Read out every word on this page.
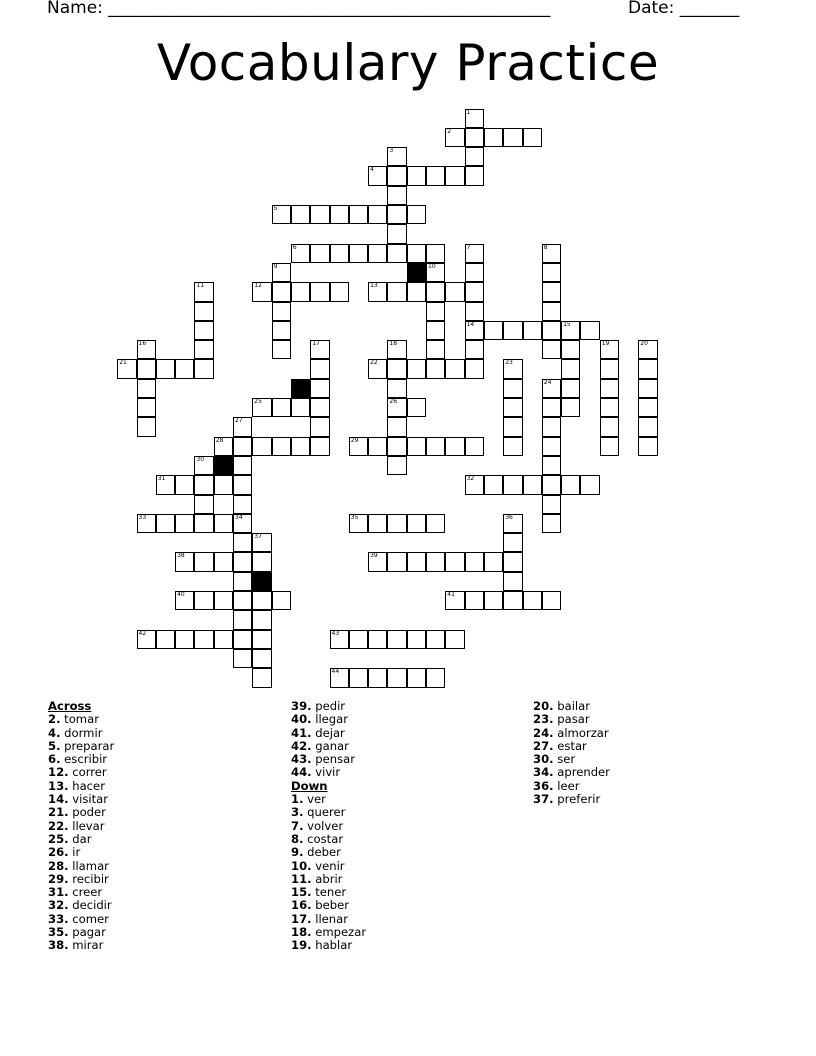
Name: ____________________________________________________	Date: _______
Vocabulary Practice
1
2
3
4
5
6	7
14
8
9	10
11	12	13
15
16	17	18
26
19	20
21	22	23
24
25
27
28	29
30
31	32
33	34	35	36
37
38	39
40	41
42	43
44
Across
2. tomar
4. dormir
5. preparar
6. escribir
12. correr
13. hacer
14. visitar
21. poder
22. llevar
25. dar
26. ir
28. llamar
29. recibir
31. creer
32. decidir
33. comer
35. pagar
38. mirar
39. pedir
40. llegar
41. dejar
42. ganar
43. pensar
44. vivir
Down
1. ver
3. querer
7. volver
8. costar
9. deber
10. venir
11. abrir
15. tener
16. beber
17. llenar
18. empezar
19. hablar
20. bailar
23. pasar
24. almorzar
27. estar
30. ser
34. aprender
36. leer
37. preferir
